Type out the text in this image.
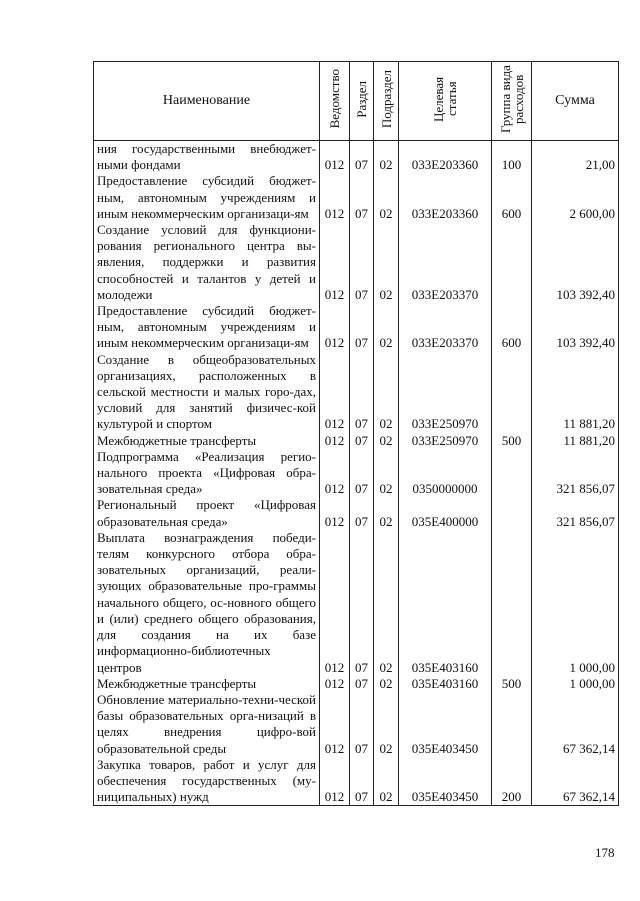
Наименование	Ведомство	Раздел	Подраздел	Целевая статья	Группа вида расходов	Сумма
ния государственными внебюджет-ными фондами	012	07	02	033Е203360	100	21,00
Предоставление субсидий бюджет-ным, автономным учреждениям и иным некоммерческим организаци-ям	012	07	02	033Е203360	600	2 600,00
Создание условий для функциони-рования регионального центра вы-явления, поддержки и развития способностей и талантов у детей и молодежи	012	07	02	033Е203370		103 392,40
Предоставление субсидий бюджет-ным, автономным учреждениям и иным некоммерческим организаци-ям	012	07	02	033Е203370	600	103 392,40
Создание в общеобразовательных организациях, расположенных в сельской местности и малых горо-дах, условий для занятий физичес-кой культурой и спортом	012	07	02	033Е250970		11 881,20
Межбюджетные трансферты	012	07	02	033Е250970	500	11 881,20
Подпрограмма «Реализация регио-нального проекта «Цифровая обра-зовательная среда»	012	07	02	0350000000		321 856,07
Региональный проект «Цифровая образовательная среда»	012	07	02	035Е400000		321 856,07
Выплата вознаграждения победи-телям конкурсного отбора обра-зовательных организаций, реали-зующих образовательные про-граммы начального общего, ос-новного общего и (или) среднего общего образования, для создания на их базе информационно-библиотечных центров	012	07	02	035Е403160		1 000,00
Межбюджетные трансферты	012	07	02	035Е403160	500	1 000,00
Обновление материально-техни-ческой базы образовательных орга-низаций в целях внедрения цифро-вой образовательной среды	012	07	02	035Е403450		67 362,14
Закупка товаров, работ и услуг для обеспечения государственных (му-ниципальных) нужд	012	07	02	035Е403450	200	67 362,14
178
